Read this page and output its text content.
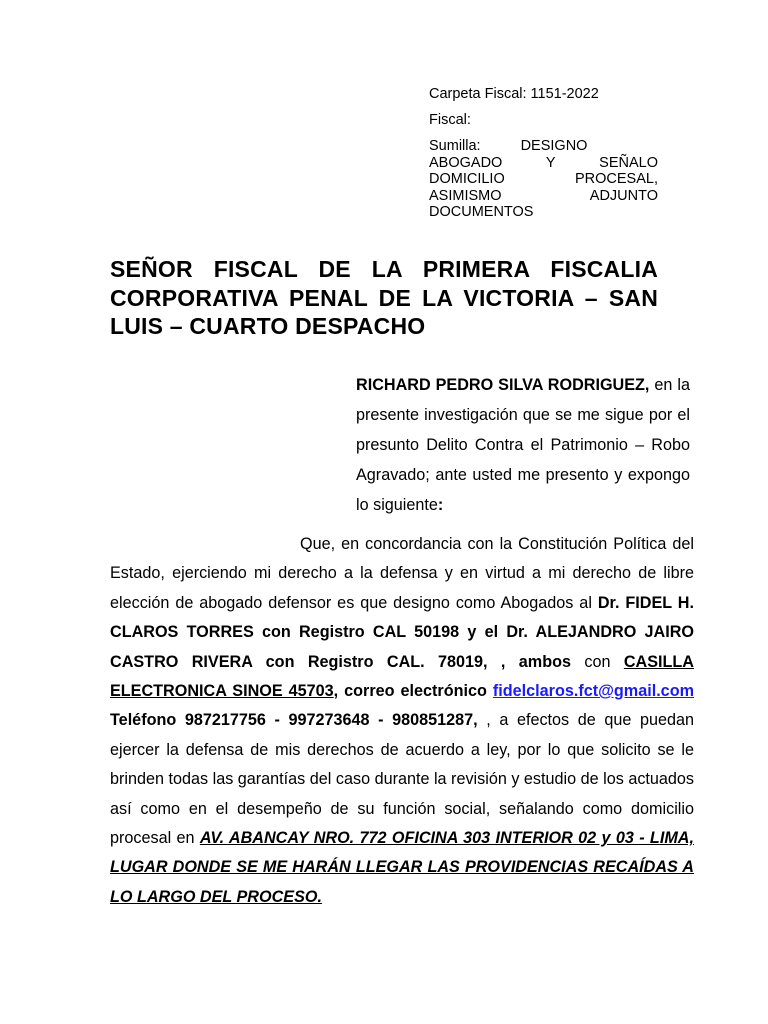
Carpeta Fiscal: 1151-2022

Fiscal:

Sumilla:	DESIGNO ABOGADO Y SEÑALO DOMICILIO PROCESAL, ASIMISMO ADJUNTO DOCUMENTOS

SEÑOR FISCAL DE LA PRIMERA FISCALIA CORPORATIVA PENAL DE LA VICTORIA – SAN LUIS – CUARTO DESPACHO
RICHARD PEDRO SILVA RODRIGUEZ, en la presente investigación que se me sigue por el presunto Delito Contra el Patrimonio – Robo Agravado; ante usted me presento y expongo lo siguiente:
Que, en concordancia con la Constitución Política del Estado, ejerciendo mi derecho a la defensa y en virtud a mi derecho de libre elección de abogado defensor es que designo como Abogados al Dr. FIDEL H. CLAROS TORRES con Registro CAL 50198 y el Dr. ALEJANDRO JAIRO CASTRO RIVERA con Registro CAL. 78019, , ambos con CASILLA ELECTRONICA SINOE 45703, correo electrónico fidelclaros.fct@gmail.com Teléfono 987217756 - 997273648 - 980851287, , a efectos de que puedan ejercer la defensa de mis derechos de acuerdo a ley, por lo que solicito se le brinden todas las garantías del caso durante la revisión y estudio de los actuados así como en el desempeño de su función social, señalando como domicilio procesal en AV. ABANCAY NRO. 772 OFICINA 303 INTERIOR 02 y 03 - LIMA, LUGAR DONDE SE ME HARÁN LLEGAR LAS PROVIDENCIAS RECAÍDAS A LO LARGO DEL PROCESO.
